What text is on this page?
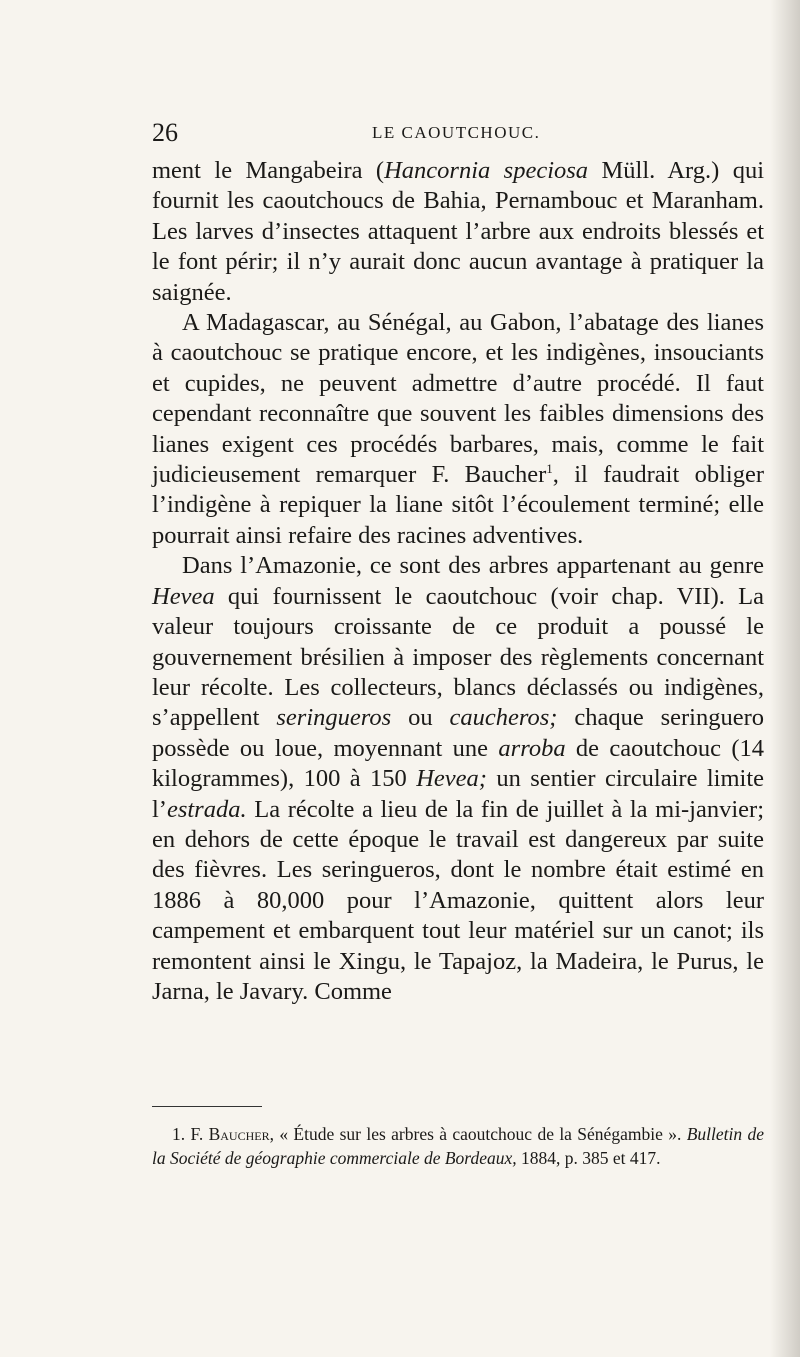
26	LE CAOUTCHOUC.

ment le Mangabeira (Hancornia speciosa Müll. Arg.) qui fournit les caoutchoucs de Bahia, Pernambouc et Maranham. Les larves d’insectes attaquent l’arbre aux endroits blessés et le font périr; il n’y aurait donc aucun avantage à pratiquer la saignée.

A Madagascar, au Sénégal, au Gabon, l’abatage des lianes à caoutchouc se pratique encore, et les indigènes, insouciants et cupides, ne peuvent admettre d’autre procédé. Il faut cependant reconnaître que souvent les faibles dimensions des lianes exigent ces procédés barbares, mais, comme le fait judicieusement remarquer F. Baucher$^1$, il faudrait obliger l’indigène à repiquer la liane sitôt l’écoulement terminé; elle pourrait ainsi refaire des racines adventives.

Dans l’Amazonie, ce sont des arbres appartenant au genre Hevea qui fournissent le caoutchouc (voir chap. VII). La valeur toujours croissante de ce produit a poussé le gouvernement brésilien à imposer des règlements concernant leur récolte. Les collecteurs, blancs déclassés ou indigènes, s’appellent seringueros ou caucheros; chaque seringuero possède ou loue, moyennant une arroba de caoutchouc (14 kilogrammes), 100 à 150 Hevea; un sentier circulaire limite l’estrada. La récolte a lieu de la fin de juillet à la mi-janvier; en dehors de cette époque le travail est dangereux par suite des fièvres. Les seringueros, dont le nombre était estimé en 1886 à 80,000 pour l’Amazonie, quittent alors leur campement et embarquent tout leur matériel sur un canot; ils remontent ainsi le Xingu, le Tapajoz, la Madeira, le Purus, le Jarna, le Javary. Comme

1. F. Baucher, « Étude sur les arbres à caoutchouc de la Sénégambie ». Bulletin de la Société de géographie commerciale de Bordeaux, 1884, p. 385 et 417.
